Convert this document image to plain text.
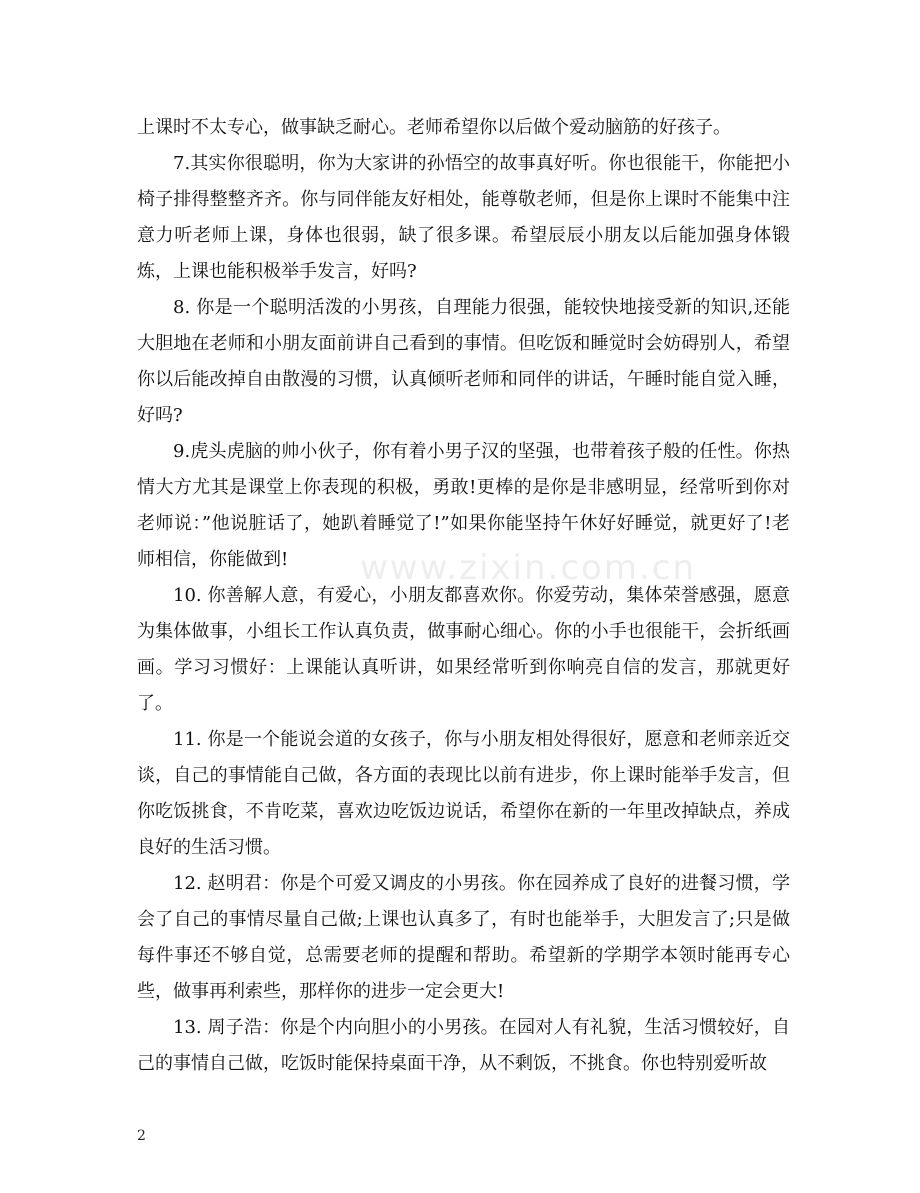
上课时不太专心，做事缺乏耐心。老师希望你以后做个爱动脑筋的好孩子。

7.其实你很聪明，你为大家讲的孙悟空的故事真好听。你也很能干，你能把小椅子排得整整齐齐。你与同伴能友好相处，能尊敬老师，但是你上课时不能集中注意力听老师上课，身体也很弱，缺了很多课。希望辰辰小朋友以后能加强身体锻炼，上课也能积极举手发言，好吗?

8. 你是一个聪明活泼的小男孩，自理能力很强，能较快地接受新的知识,还能大胆地在老师和小朋友面前讲自己看到的事情。但吃饭和睡觉时会妨碍别人，希望你以后能改掉自由散漫的习惯，认真倾听老师和同伴的讲话，午睡时能自觉入睡，好吗?

9.虎头虎脑的帅小伙子，你有着小男子汉的坚强，也带着孩子般的任性。你热情大方尤其是课堂上你表现的积极，勇敢!更棒的是你是非感明显，经常听到你对老师说：”他说脏话了，她趴着睡觉了!”如果你能坚持午休好好睡觉，就更好了!老师相信，你能做到!

10. 你善解人意，有爱心，小朋友都喜欢你。你爱劳动，集体荣誉感强，愿意为集体做事，小组长工作认真负责，做事耐心细心。你的小手也很能干，会折纸画画。学习习惯好：上课能认真听讲，如果经常听到你响亮自信的发言，那就更好了。

11. 你是一个能说会道的女孩子，你与小朋友相处得很好，愿意和老师亲近交谈，自己的事情能自己做，各方面的表现比以前有进步，你上课时能举手发言，但你吃饭挑食，不肯吃菜，喜欢边吃饭边说话，希望你在新的一年里改掉缺点，养成良好的生活习惯。

12. 赵明君：你是个可爱又调皮的小男孩。你在园养成了良好的进餐习惯，学会了自己的事情尽量自己做;上课也认真多了，有时也能举手，大胆发言了;只是做每件事还不够自觉，总需要老师的提醒和帮助。希望新的学期学本领时能再专心些，做事再利索些，那样你的进步一定会更大!

13. 周子浩：你是个内向胆小的小男孩。在园对人有礼貌，生活习惯较好，自己的事情自己做，吃饭时能保持桌面干净，从不剩饭，不挑食。你也特别爱听故

www.zixin.com.cn
2
